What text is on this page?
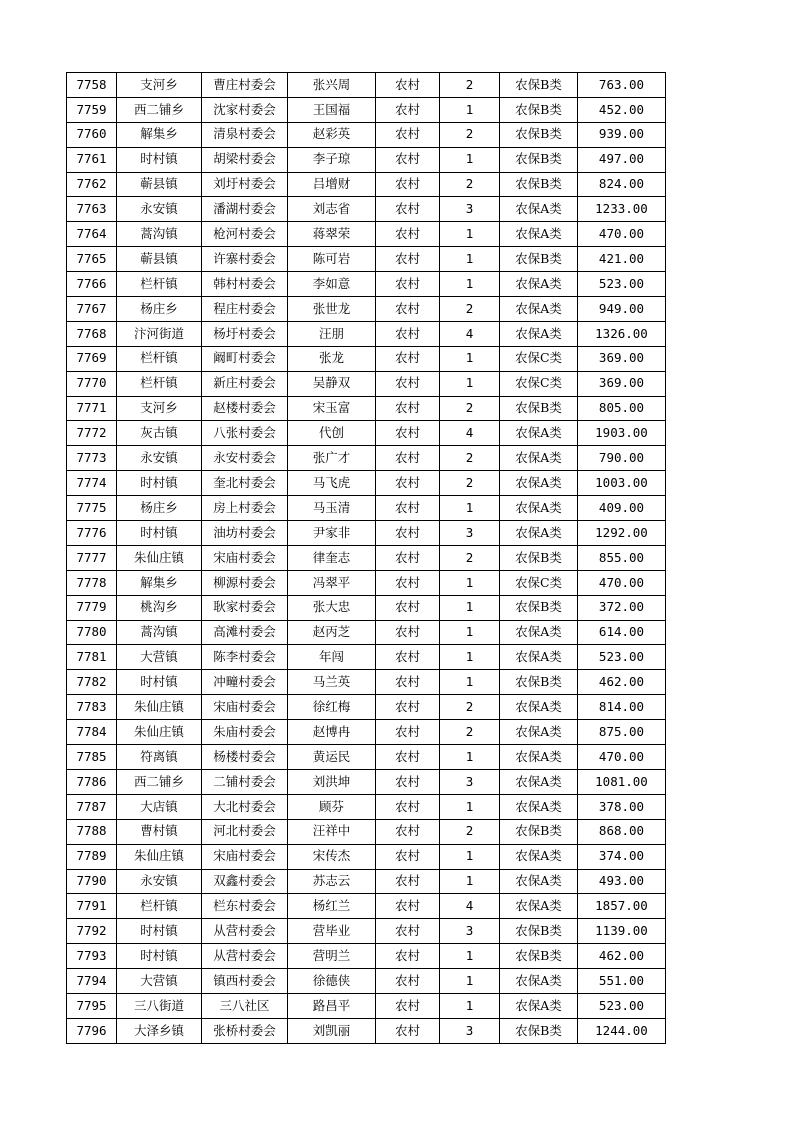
7758	支河乡	曹庄村委会	张兴周	农村	2	农保B类	763.00
7759	西二铺乡	沈家村委会	王国福	农村	1	农保B类	452.00
7760	解集乡	清泉村委会	赵彩英	农村	2	农保B类	939.00
7761	时村镇	胡梁村委会	李子琼	农村	1	农保B类	497.00
7762	蕲县镇	刘圩村委会	吕增财	农村	2	农保B类	824.00
7763	永安镇	潘湖村委会	刘志省	农村	3	农保A类	1233.00
7764	蒿沟镇	枪河村委会	蒋翠荣	农村	1	农保A类	470.00
7765	蕲县镇	许寨村委会	陈可岩	农村	1	农保B类	421.00
7766	栏杆镇	韩村村委会	李如意	农村	1	农保A类	523.00
7767	杨庄乡	程庄村委会	张世龙	农村	2	农保A类	949.00
7768	汴河街道	杨圩村委会	汪朋	农村	4	农保A类	1326.00
7769	栏杆镇	阚町村委会	张龙	农村	1	农保C类	369.00
7770	栏杆镇	新庄村委会	吴静双	农村	1	农保C类	369.00
7771	支河乡	赵楼村委会	宋玉富	农村	2	农保B类	805.00
7772	灰古镇	八张村委会	代创	农村	4	农保A类	1903.00
7773	永安镇	永安村委会	张广才	农村	2	农保A类	790.00
7774	时村镇	奎北村委会	马飞虎	农村	2	农保A类	1003.00
7775	杨庄乡	房上村委会	马玉清	农村	1	农保A类	409.00
7776	时村镇	油坊村委会	尹家非	农村	3	农保A类	1292.00
7777	朱仙庄镇	宋庙村委会	律奎志	农村	2	农保B类	855.00
7778	解集乡	柳源村委会	冯翠平	农村	1	农保C类	470.00
7779	桃沟乡	耿家村委会	张大忠	农村	1	农保B类	372.00
7780	蒿沟镇	高滩村委会	赵丙芝	农村	1	农保A类	614.00
7781	大营镇	陈李村委会	年闯	农村	1	农保A类	523.00
7782	时村镇	冲疃村委会	马兰英	农村	1	农保B类	462.00
7783	朱仙庄镇	宋庙村委会	徐红梅	农村	2	农保A类	814.00
7784	朱仙庄镇	朱庙村委会	赵博冉	农村	2	农保A类	875.00
7785	符离镇	杨楼村委会	黄运民	农村	1	农保A类	470.00
7786	西二铺乡	二铺村委会	刘洪坤	农村	3	农保A类	1081.00
7787	大店镇	大北村委会	顾芬	农村	1	农保A类	378.00
7788	曹村镇	河北村委会	汪祥中	农村	2	农保B类	868.00
7789	朱仙庄镇	宋庙村委会	宋传杰	农村	1	农保A类	374.00
7790	永安镇	双鑫村委会	苏志云	农村	1	农保A类	493.00
7791	栏杆镇	栏东村委会	杨红兰	农村	4	农保A类	1857.00
7792	时村镇	从营村委会	营毕业	农村	3	农保B类	1139.00
7793	时村镇	从营村委会	营明兰	农村	1	农保B类	462.00
7794	大营镇	镇西村委会	徐德侠	农村	1	农保A类	551.00
7795	三八街道	三八社区	路昌平	农村	1	农保A类	523.00
7796	大泽乡镇	张桥村委会	刘凯丽	农村	3	农保B类	1244.00
